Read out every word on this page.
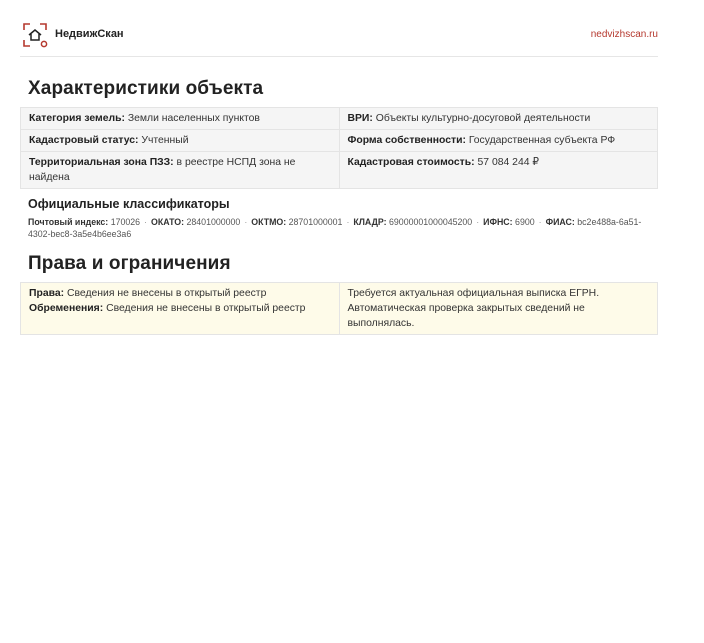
НедвижСкан	nedvizhscan.ru
Характеристики объекта
Категория земель: Земли населенных пунктов	ВРИ: Объекты культурно-досуговой деятельности
Кадастровый статус: Учтенный	Форма собственности: Государственная субъекта РФ
Территориальная зона ПЗЗ: в реестре НСПД зона не найдена	Кадастровая стоимость: 57 084 244 ₽
Официальные классификаторы
Почтовый индекс: 170026 · ОКАТО: 28401000000 · ОКТМО: 28701000001 · КЛАДР: 69000001000045200 · ИФНС: 6900 · ФИАС: bc2e488a-6a51-4302-bec8-3a5e4b6ee3a6
Права и ограничения
Права: Сведения не внесены в открытый реестр
Обременения: Сведения не внесены в открытый реестр
	Требуется актуальная официальная выписка ЕГРН. Автоматическая проверка закрытых сведений не выполнялась.
